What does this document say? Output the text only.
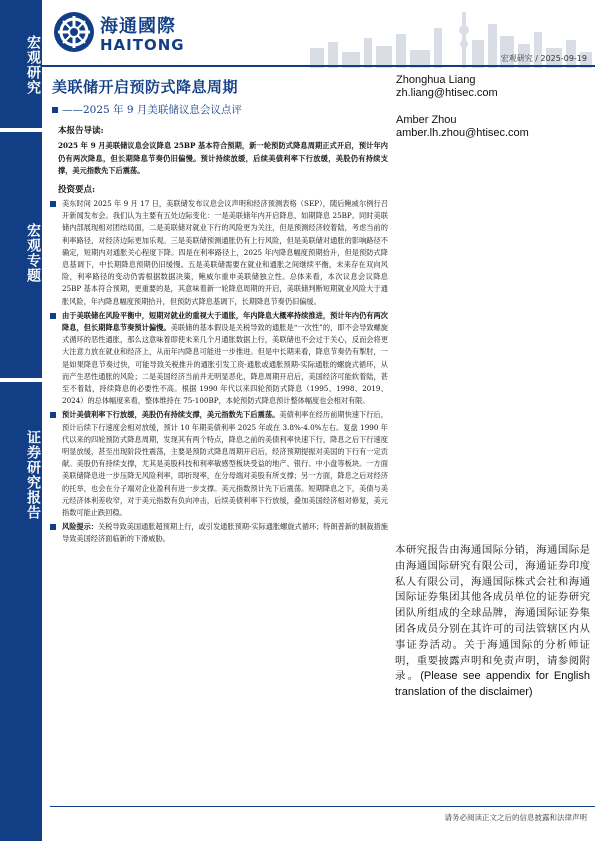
宏观研究
宏观专题
证券研究报告
海通國際
HAITONG
宏观研究 / 2025-09-19
美联储开启预防式降息周期
——2025 年 9 月美联储议息会议点评
Zhonghua Liang
zh.liang@htisec.com
Amber Zhou
amber.lh.zhou@htisec.com
本报告导读:
2025 年 9 月美联储议息会议降息 25BP 基本符合预期，新一轮预防式降息周期正式开启，预计年内仍有两次降息，但长期降息节奏仍旧偏慢。预计持续放缓，后续美债利率下行放缓，美股仍有持续支撑，美元指数先下后震荡。
投资要点:
美东时间 2025 年 9 月 17 日，美联储发布议息会议声明和经济预测表格（SEP），随后鲍威尔例行召开新闻发布会。我们认为主要有五处边际变化：一是美联储年内开启降息，如期降息 25BP。同时美联储内部展现相对团结局面，二是美联储对就业下行的风险更为关注，但是预测经济较着陆，考虑当前的利率路径，对经济边际更加乐观。三是美联储预测通胀仍有上行风险，但是美联储对通胀的影响路径不确定，短期内对通胀关心程度下降。四是在利率路径上，2025 年内降息幅度预期拾升，但是预防式降息基调下，中长期降息预期仍旧缓慢。五是美联储需要在就业和通胀之间继续平衡，未来存在双向风险，利率路径的变动仍需根据数据决策，鲍威尔重申美联储独立性。总体来看，本次议息会议降息 25BP 基本符合预期，更重要的是，其意味着新一轮降息周期的开启，美联储判断短期就业风险大于通胀风险，年内降息幅度预期拾升，但预防式降息基调下，长期降息节奏仍旧偏缓。
由于美联储在风险平衡中，短期对就业的重视大于通胀，年内降息大概率持续推进，预计年内仍有两次降息，但长期降息节奏预计偏慢。美联储的基本假设是关税导致的通胀是“一次性”的，即不会导致螺旋式循环的恶性通胀，那么这意味着即使未来几个月通胀数据上行，美联储也不会过于关心，反而会将更大注意力放在就业和经济上，从而年内降息可能进一步推进。但是中长期来看，降息节奏仍有掣肘，一是如果降息节奏过快，可能导致关税推升的通胀引发工资-通胀或通胀预期-实际通胀的螺旋式循环，从而产生恶性通胀的风险；二是美国经济当前并无明显恶化，降息周期开启后，美国经济可能软着陆，甚至不着陆，持续降息的必要性不高。根据 1990 年代以来四轮预防式降息（1995、1998、2019、2024）的总体幅度来看，整体维持在 75-100BP，本轮预防式降息预计整体幅度也会相对有限。
预计美债利率下行放缓，美股仍有持续支撑，美元指数先下后震荡。美债利率在经历前期快速下行后，预计后续下行速度会相对放缓，预计 10 年期美债利率 2025 年或在 3.8%-4.0%左右。复盘 1990 年代以来的四轮预防式降息周期，发现其有两个特点，降息之前的美债利率快速下行，降息之后下行速度明显放缓，甚至出现阶段性震荡，主要是预防式降息周期开启后，经济预期提振对美国的下行有一定贡献。美股仍有持续支撑，尤其是美股科技和利率敏感型板块受益的地产、银行、中小盘等板块。一方面美联储降息进一步压降无风险利率，即折现率，在分母端对美股有所支撑；另一方面，降息之后对经济的托举，也会在分子端对企业盈利有进一步支撑。美元指数预计先下后震荡。短期降息之下，美债与美元经济体利差收窄，对于美元指数有负向冲击，后续美债利率下行放缓，叠加美国经济相对修复，美元指数可能止跌回稳。
风险提示：关税导致美国通胀超预期上行，或引发通胀预期-实际通胀螺旋式循环；特朗普新的制裁措施导致美国经济面临新的下滑威胁。
本研究报告由海通国际分销，海通国际是由海通国际研究有限公司，海通证券印度私人有限公司，海通国际株式会社和海通国际证券集团其他各成员单位的证券研究团队所组成的全球品牌，海通国际证券集团各成员分别在其许可的司法管辖区内从事证券活动。关于海通国际的分析师证明，重要披露声明和免责声明，请参阅附录。(Please see appendix for English translation of the disclaimer)
请务必阅读正文之后的信息披露和法律声明
